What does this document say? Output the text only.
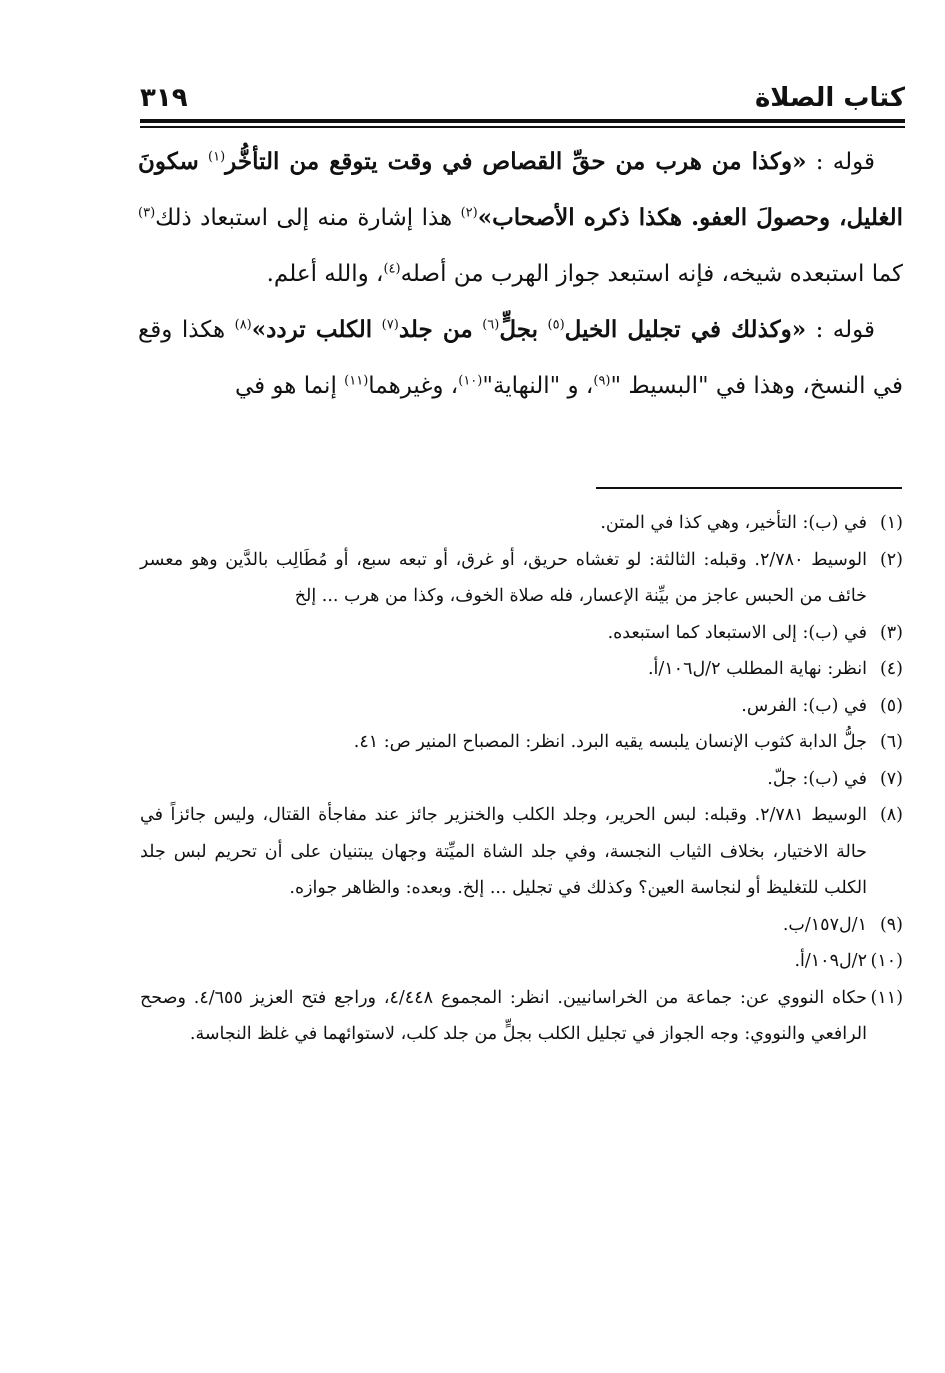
كتاب الصلاة
٣١٩

قوله : «وكذا من هرب من حقِّ القصاص في وقت يتوقع من التأخُّر$^{(١)}$ سكونَ الغليل، وحصولَ العفو. هكذا ذكره الأصحاب»$^{(٢)}$ هذا إشارة منه إلى استبعاد ذلك$^{(٣)}$ كما استبعده شيخه، فإنه استبعد جواز الهرب من أصله$^{(٤)}$، والله أعلم.

قوله : «وكذلك في تجليل الخيل$^{(٥)}$ بجلٍّ$^{(٦)}$ من جلد$^{(٧)}$ الكلب تردد»$^{(٨)}$ هكذا وقع في النسخ، وهذا في "البسيط "$^{(٩)}$، و "النهاية"$^{(١٠)}$، وغيرهما$^{(١١)}$ إنما هو في

(١)في (ب): التأخير، وهي كذا في المتن.

(٢)الوسيط ٢/٧٨٠. وقبله: الثالثة: لو تغشاه حريق، أو غرق، أو تبعه سبع، أو مُطَالِب بالدَّين وهو معسر خائف من الحبس عاجز من بيِّنة الإعسار، فله صلاة الخوف، وكذا من هرب ... إلخ

(٣)في (ب): إلى الاستبعاد كما استبعده.

(٤)انظر: نهاية المطلب ٢/ل١٠٦/أ.

(٥)في (ب): الفرس.

(٦)جلُّ الدابة كثوب الإنسان يلبسه يقيه البرد. انظر: المصباح المنير ص: ٤١.

(٧)في (ب): جلّ.

(٨)الوسيط ٢/٧٨١. وقبله: لبس الحرير، وجلد الكلب والخنزير جائز عند مفاجأة القتال، وليس جائزاً في حالة الاختيار، بخلاف الثياب النجسة، وفي جلد الشاة الميِّتة وجهان يبتنيان على أن تحريم لبس جلد الكلب للتغليظ أو لنجاسة العين؟ وكذلك في تجليل ... إلخ. وبعده: والظاهر جوازه.

(٩)١/ل١٥٧/ب.

(١٠)٢/ل١٠٩/أ.

(١١)حكاه النووي عن: جماعة من الخراسانيين. انظر: المجموع ٤/٤٤٨، وراجع فتح العزيز ٤/٦٥٥. وصحح الرافعي والنووي: وجه الجواز في تجليل الكلب بجلٍّ من جلد كلب، لاستوائهما في غلظ النجاسة.
